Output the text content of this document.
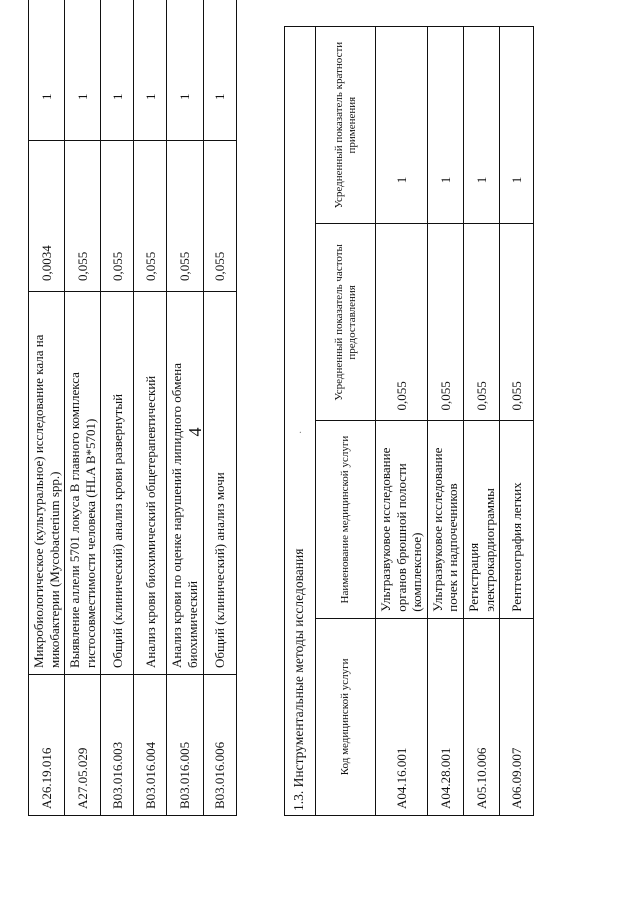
4
A26.19.016	Микробиологическое (культуральное) исследование кала на микобактерии (Mycobacterium spp.)	0,0034	1
A27.05.029	Выявление аллели 5701 локуса В главного комплекса гистосовместимости человека (HLA B*5701)	0,055	1
B03.016.003	Общий (клинический) анализ крови развернутый	0,055	1
B03.016.004	Анализ крови биохимический общетерапевтический	0,055	1
B03.016.005	Анализ крови по оценке нарушений липидного обмена биохимический	0,055	1
B03.016.006	Общий (клинический) анализ мочи	0,055	1
1.3. Инструментальные методы исследования
·
Код медицинской услуги	Наименование медицинской услуги	Усредненный показатель частоты предоставления	Усредненный показатель кратности применения
A04.16.001	Ультразвуковое исследование органов брюшной полости (комплексное)	0,055	1
A04.28.001	Ультразвуковое исследование почек и надпочечников	0,055	1
A05.10.006	Регистрация электрокардиограммы	0,055	1
A06.09.007	Рентгенография легких	0,055	1
